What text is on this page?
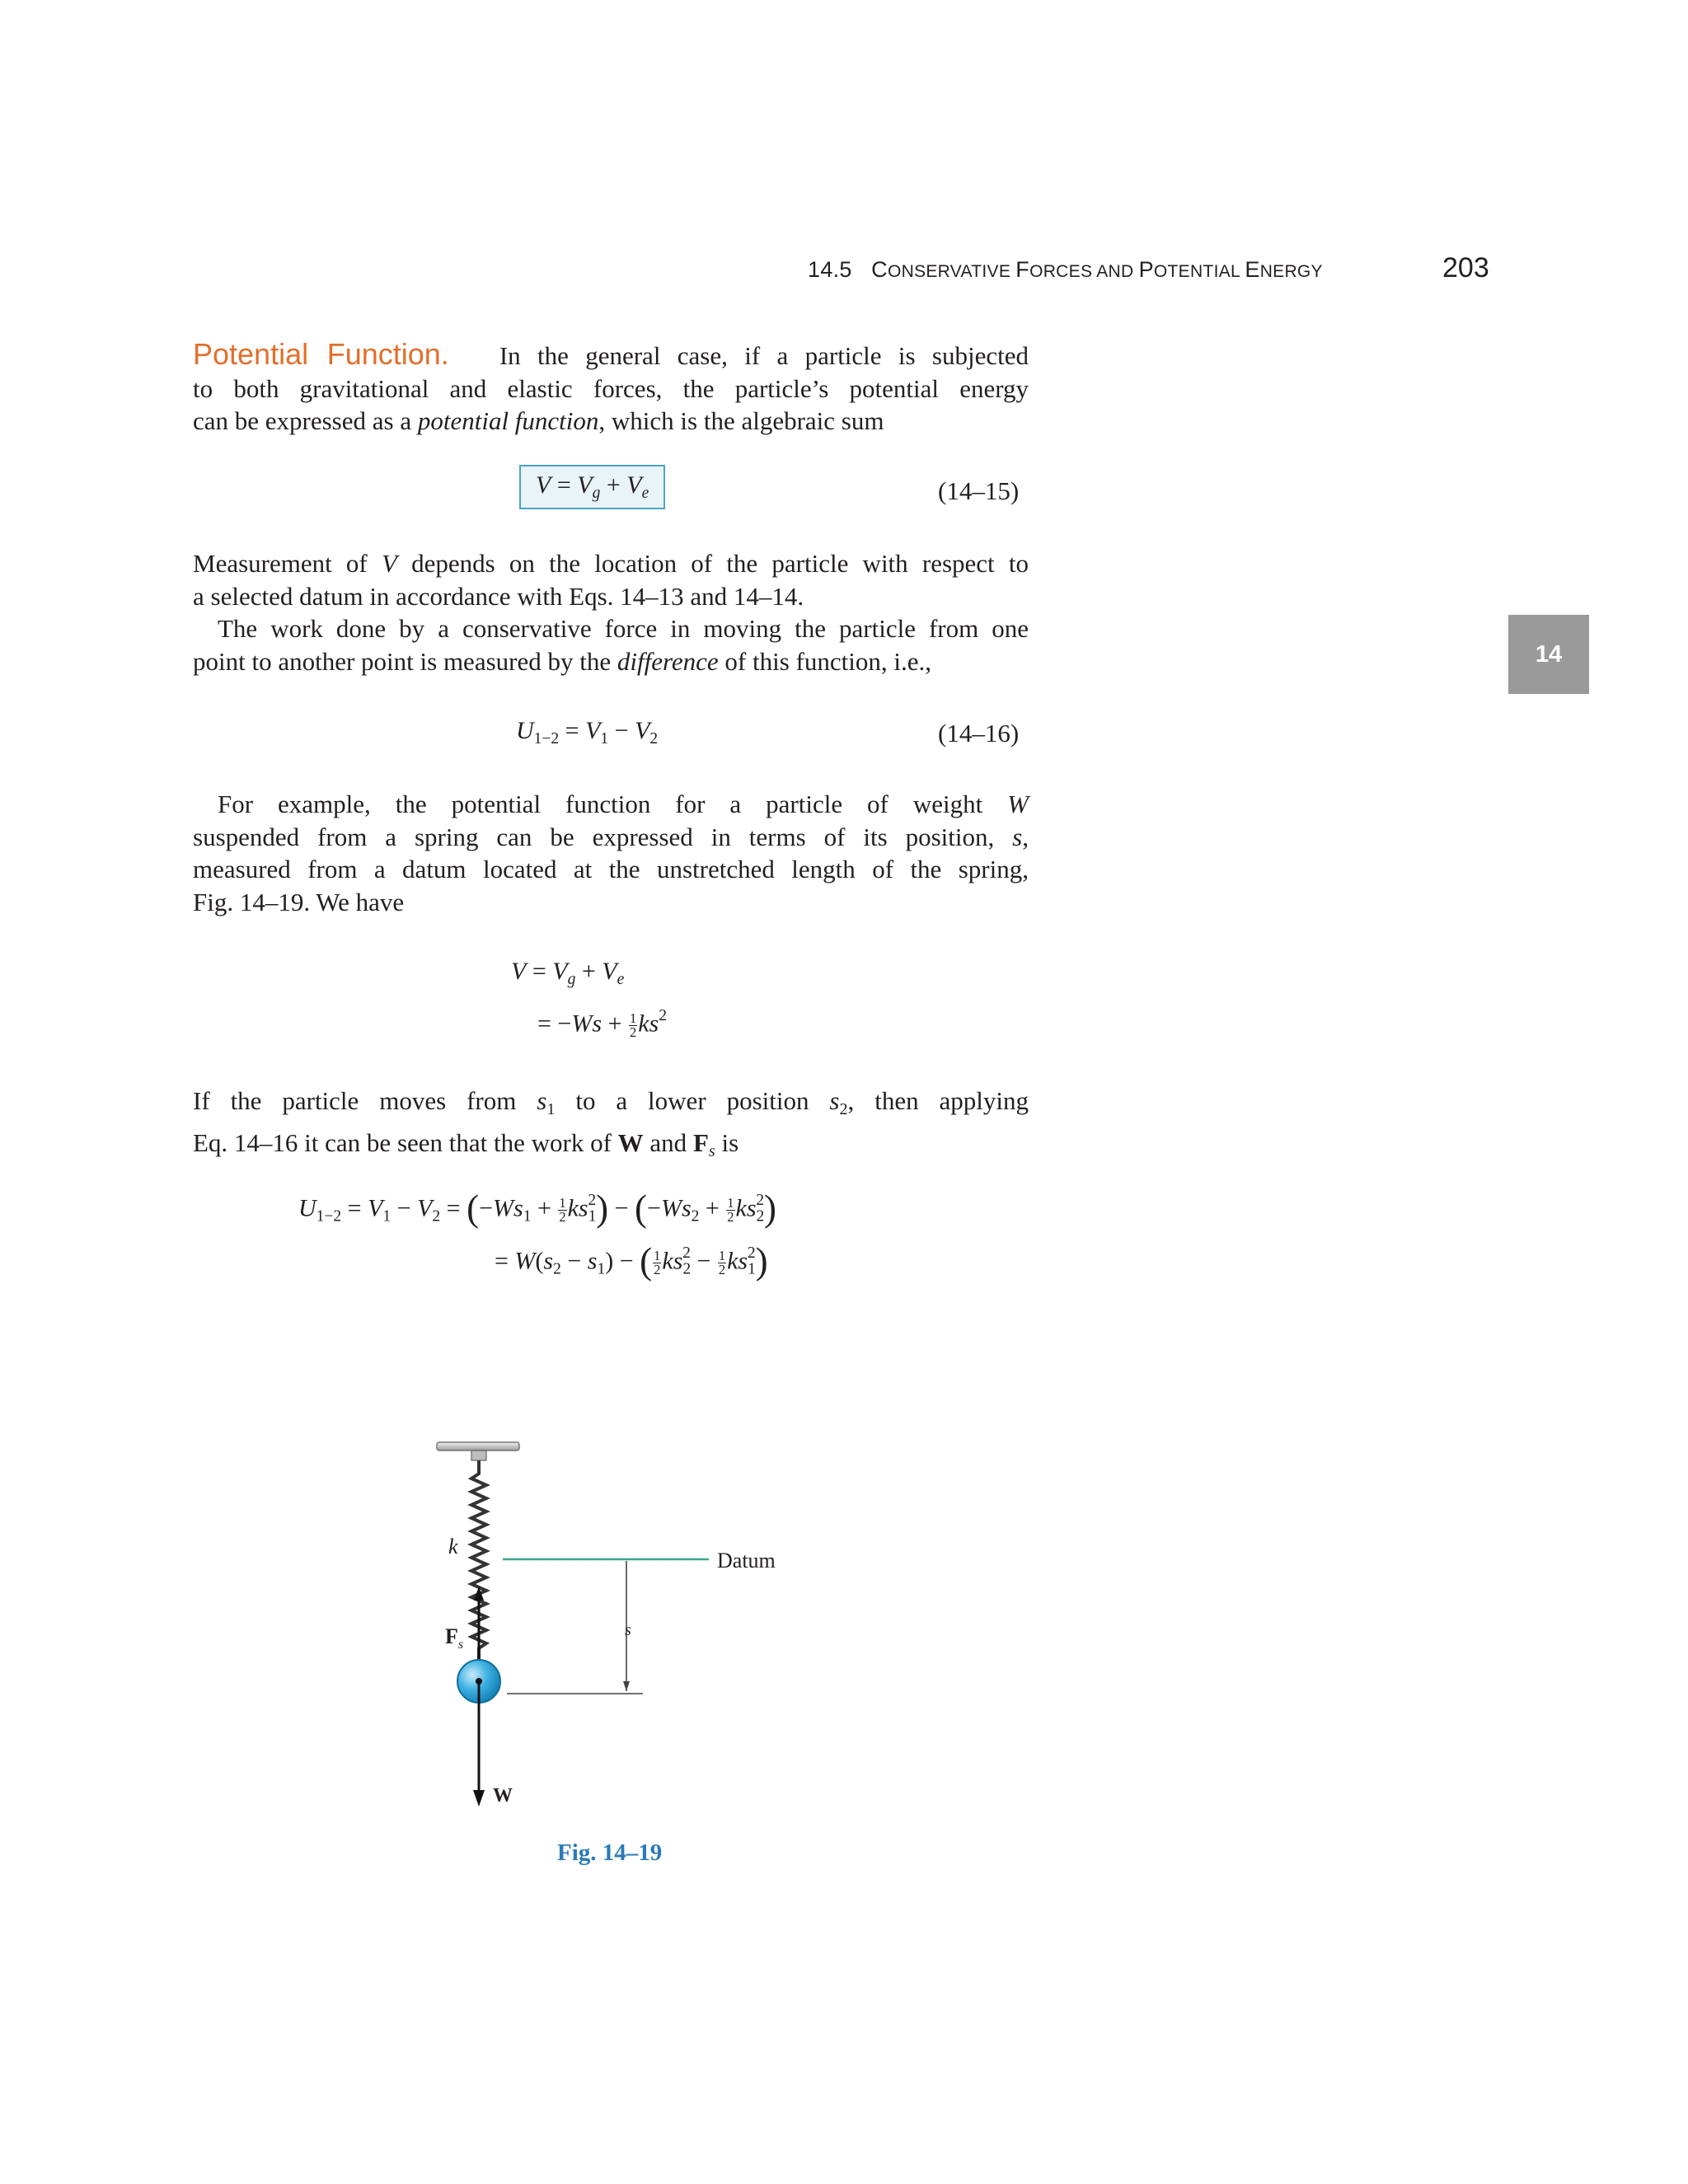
14.5 CONSERVATIVE FORCES AND POTENTIAL ENERGY	203
14
Potential Function. In the general case, if a particle is subjected
to both gravitational and elastic forces, the particle’s potential energy
can be expressed as a potential function, which is the algebraic sum
$V = V_g + V_e$	(14–15)
Measurement of V depends on the location of the particle with respect to
a selected datum in accordance with Eqs. 14–13 and 14–14.
The work done by a conservative force in moving the particle from one
point to another point is measured by the difference of this function, i.e.,
$U_{1-2} = V_1 - V_2$	(14–16)
For example, the potential function for a particle of weight W
suspended from a spring can be expressed in terms of its position, s,
measured from a datum located at the unstretched length of the spring,
Fig. 14–19. We have
$V = V_g + V_e$
= $-Ws + \frac{1}{2} ks^2$
If the particle moves from $s_1$ to a lower position $s_2$, then applying
Eq. 14–16 it can be seen that the work of W and $F_s$ is
$U_{1-2} = V_1 - V_2 = (-Ws_1 + \frac{1}{2} ks_1^2) - (-Ws_2 + \frac{1}{2} ks_2^2)$
= $W(s_2 - s_1)$ − ( $\frac{1}{2} ks_2^2 - \frac{1}{2} ks_1^2$)
k
s
Datum
$F_s$
W
Fig. 14–19
